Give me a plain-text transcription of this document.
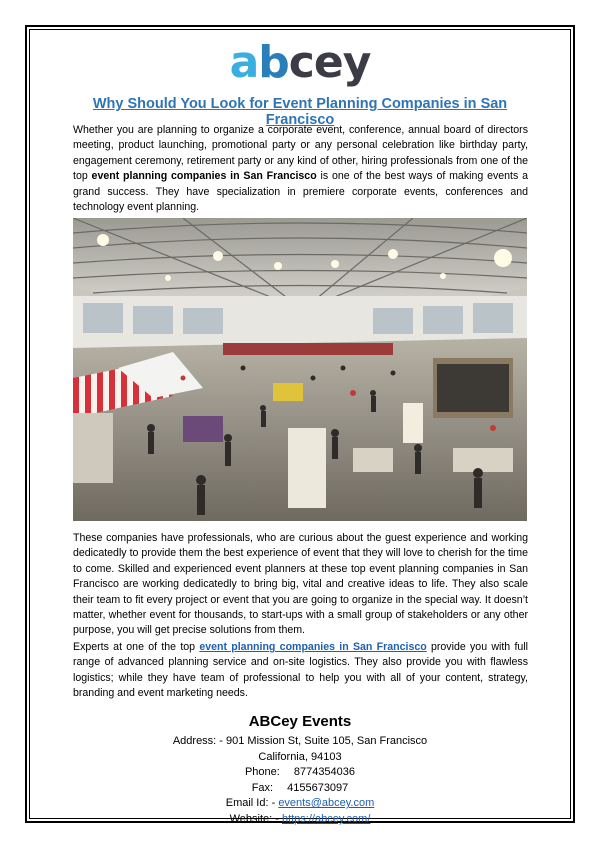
abcey
Why Should You Look for Event Planning Companies in San Francisco

Whether you are planning to organize a corporate event, conference, annual board of directors meeting, product launching, promotional party or any personal celebration like birthday party, engagement ceremony, retirement party or any kind of other, hiring professionals from one of the top event planning companies in San Francisco is one of the best ways of making events a grand success. They have specialization in premiere corporate events, conferences and technology event planning.

These companies have professionals, who are curious about the guest experience and working dedicatedly to provide them the best experience of event that they will love to cherish for the time to come. Skilled and experienced event planners at these top event planning companies in San Francisco are working dedicatedly to bring big, vital and creative ideas to life. They also scale their team to fit every project or event that you are going to organize in the special way. It doesn’t matter, whether event for thousands, to start-ups with a small group of stakeholders or any other purpose, you will get precise solutions from them.

Experts at one of the top event planning companies in San Francisco provide you with full range of advanced planning service and on-site logistics. They also provide you with flawless logistics; while they have team of professional to help you with all of your content, strategy, branding and event marketing needs.

ABCey Events
Address: - 901 Mission St, Suite 105, San Francisco
California, 94103
Phone: 8774354036
Fax: 4155673097
Email Id: - events@abcey.com
Website: - https://abcey.com/
